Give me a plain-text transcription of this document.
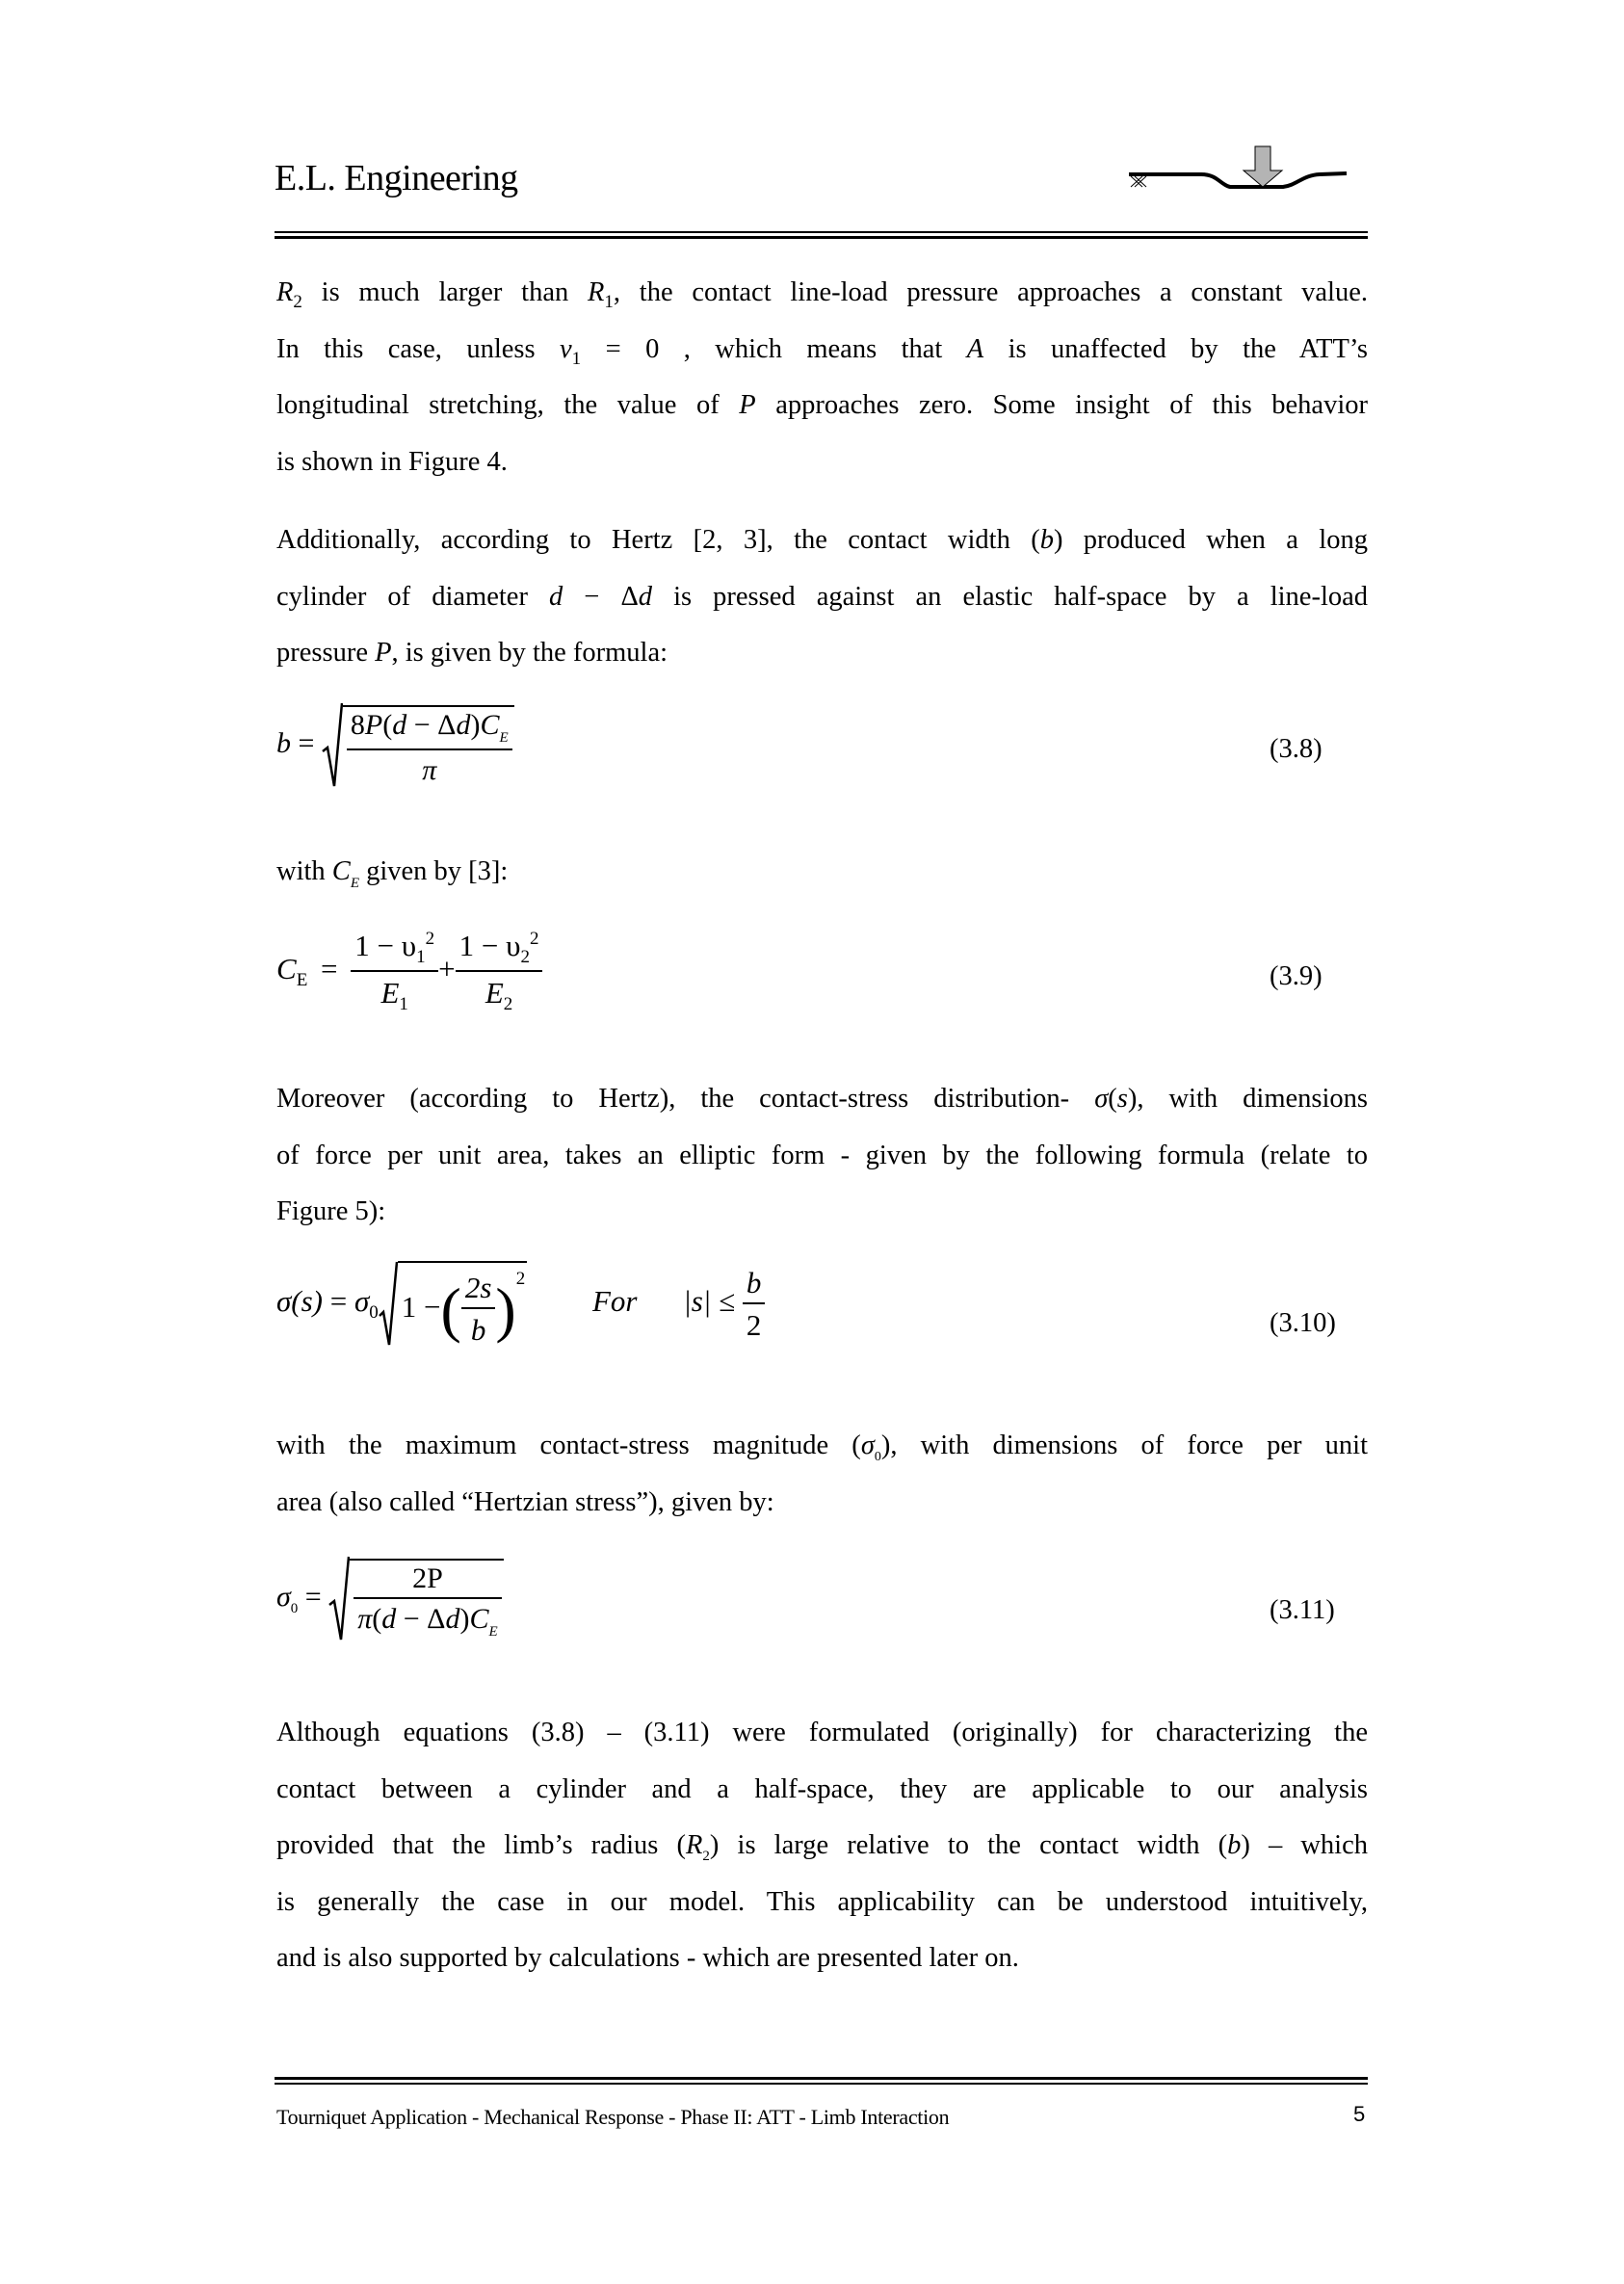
E.L. Engineering
$R_2$ is much larger than $R_1$, the contact line-load pressure approaches a constant value.
In this case, unless $\nu_1 = 0$ , which means that A is unaffected by the ATT’s
longitudinal stretching, the value of P approaches zero. Some insight of this behavior
is shown in Figure 4.
Additionally, according to Hertz [2, 3], the contact width (b) produced when a long
cylinder of diameter d − Δd is pressed against an elastic half-space by a line-load
pressure P, is given by the formula:
$b = \frac{8P(d - \Delta d)C_E}{\pi}$	(3.8)
with $C_E$ given by [3]:
$C_E = \frac{1 - \upsilon_1^2}{E_1} + \frac{1 - \upsilon_2^2}{E_2}$	(3.9)
Moreover (according to Hertz), the contact-stress distribution- σ(s), with dimensions
of force per unit area, takes an elliptic form - given by the following formula (relate to
Figure 5):
$\sigma(s) = \sigma_0$ 1 −( $\frac{2s}{b} )^2$ For $|s| \le \frac{b}{2}$	(3.10)
with the maximum contact-stress magnitude $(\sigma_0)$, with dimensions of force per unit
area (also called “Hertzian stress”), given by:
$\sigma_0 = \frac{2P}{\pi(d - \Delta d)C_E}$	(3.11)
Although equations (3.8) – (3.11) were formulated (originally) for characterizing the
contact between a cylinder and a half-space, they are applicable to our analysis
provided that the limb’s radius $(R_2)$ is large relative to the contact width (b) – which
is generally the case in our model. This applicability can be understood intuitively,
and is also supported by calculations - which are presented later on.
Tourniquet Application - Mechanical Response - Phase II: ATT - Limb Interaction	5
